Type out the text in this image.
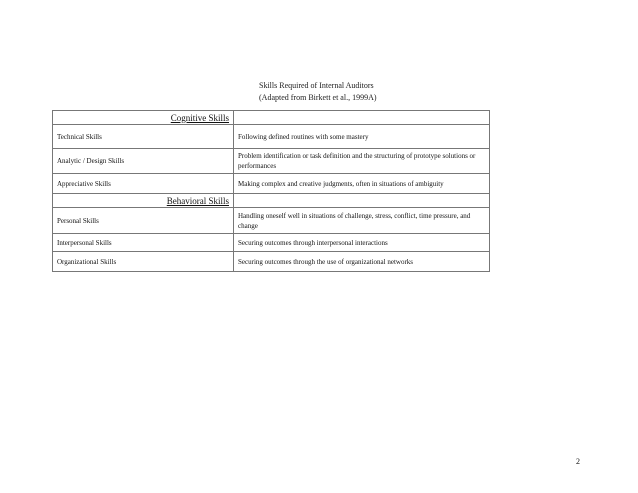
Skills Required of Internal Auditors
(Adapted from Birkett et al., 1999A)
Cognitive Skills	
Technical Skills	Following defined routines with some mastery
Analytic / Design Skills	Problem identification or task definition and the structuring of prototype solutions or performances
Appreciative Skills	Making complex and creative judgments, often in situations of ambiguity
Behavioral Skills	
Personal Skills	Handling oneself well in situations of challenge, stress, conflict, time pressure, and change
Interpersonal Skills	Securing outcomes through interpersonal interactions
Organizational Skills	Securing outcomes through the use of organizational networks
2
